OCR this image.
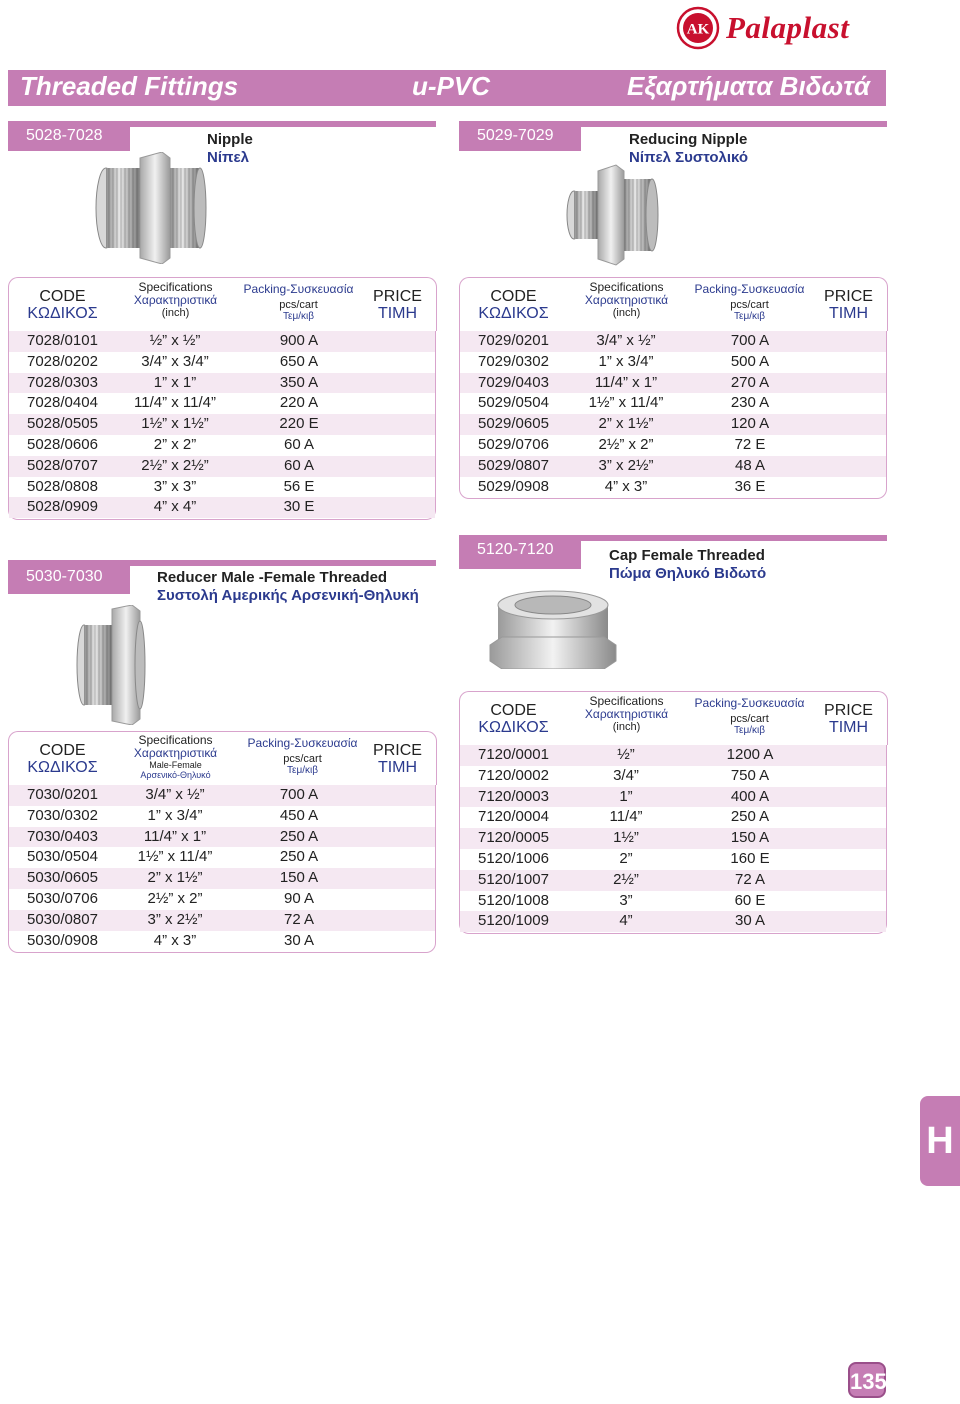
AK Palaplast
Threaded Fittings	u-PVC	Εξαρτήματα Βιδωτά
5028-7028	Nipple
Νίπελ
CODE
ΚΩΔΙΚΟΣ
Specifications
Χαρακτηριστικά
(inch)
Packing-Συσκευασία
pcs/cart
Τεμ/κιβ
PRICE
ΤΙΜΗ
7028/0101	½” x ½”	900 A
7028/0202	3/4” x 3/4”	650 A
7028/0303	1” x 1”	350 A
7028/0404 11/4” x 11/4”	220 A
5028/0505	1½” x 1½”	220 E
5028/0606	2” x 2”	60 A
5028/0707	2½” x 2½”	60 A
5028/0808	3” x 3”	56 E
5028/0909	4” x 4”	30 E
5029-7029	Reducing Nipple
Νίπελ Συστολικό
CODE
ΚΩΔΙΚΟΣ
Specifications
Χαρακτηριστικά
(inch)
Packing-Συσκευασία
pcs/cart
Τεμ/κιβ
PRICE
ΤΙΜΗ
7029/0201	3/4” x ½”	700 A
7029/0302	1” x 3/4”	500 A
7029/0403	11/4” x 1”	270 A
5029/0504	1½” x 11/4”	230 A
5029/0605	2” x 1½”	120 A
5029/0706	2½” x 2”	72 E
5029/0807	3” x 2½”	48 A
5029/0908	4” x 3”	36 E
5030-7030	Reducer Male -Female Threaded
Συστολή Αμερικής Αρσενική-Θηλυκή
CODE
ΚΩΔΙΚΟΣ
Specifications
Χαρακτηριστικά
Male-Female
Αρσενικό-Θηλυκό
Packing-Συσκευασία
pcs/cart
Τεμ/κιβ
PRICE
ΤΙΜΗ
7030/0201	3/4” x ½”	700 A
7030/0302	1” x 3/4”	450 A
7030/0403	11/4” x 1”	250 A
5030/0504	1½” x 11/4”	250 A
5030/0605	2” x 1½”	150 A
5030/0706	2½” x 2”	90 A
5030/0807	3” x 2½”	72 A
5030/0908	4” x 3”	30 A
5120-7120	Cap Female Threaded
Πώμα Θηλυκό Βιδωτό
CODE
ΚΩΔΙΚΟΣ
Specifications
Χαρακτηριστικά
(inch)
Packing-Συσκευασία
pcs/cart
Τεμ/κιβ
PRICE
ΤΙΜΗ
7120/0001	½”	1200 A
7120/0002	3/4”	750 A
7120/0003	1”	400 A
7120/0004	11/4”	250 A
7120/0005	1½”	150 A
5120/1006	2”	160 E
5120/1007	2½”	72 A
5120/1008	3”	60 E
5120/1009	4”	30 A
H
135
